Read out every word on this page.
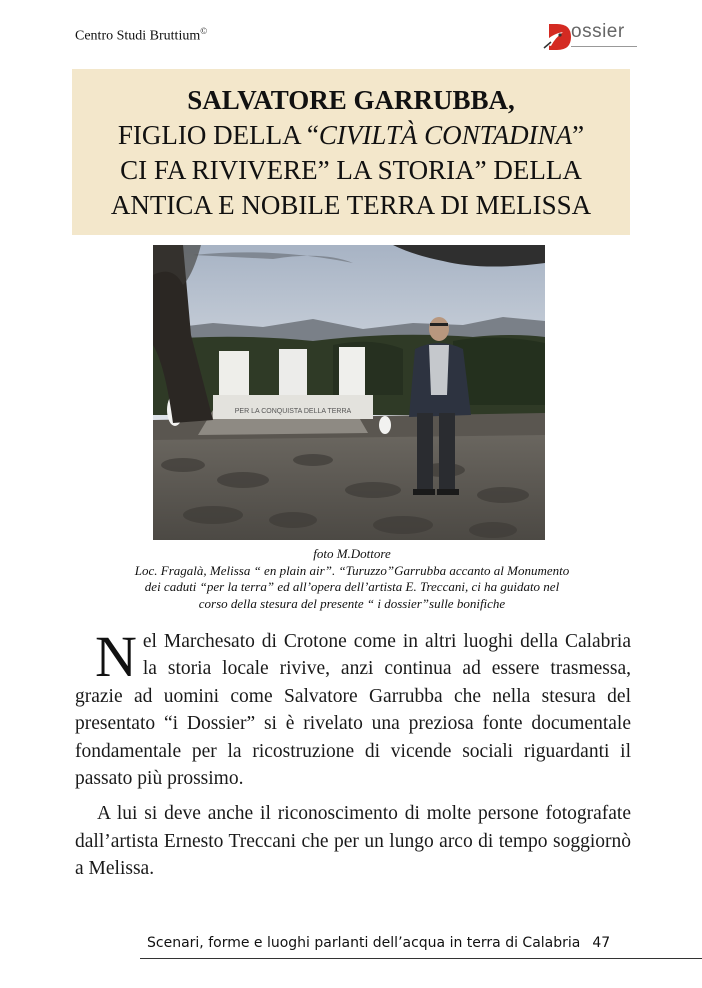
Centro Studi Bruttium©	ossier
SALVATORE GARRUBBA,
FIGLIO DELLA “CIVILTÀ CONTADINA”
CI FA RIVIVERE” LA STORIA” DELLA
ANTICA E NOBILE TERRA DI MELISSA
PER LA CONQUISTA DELLA TERRA
foto M.Dottore
Loc. Fragalà, Melissa “ en plain air”. “Turuzzo”Garrubba accanto al Monumento
dei caduti “per la terra” ed all’opera dell’artista E. Treccani, ci ha guidato nel
corso della stesura del presente “ i dossier”sulle bonifiche

Nel Marchesato di Crotone come in altri luoghi della Calabria la storia locale rivive, anzi continua ad essere trasmessa, grazie ad uomini come Salvatore Garrubba che nella stesura del presentato “i Dossier” si è rivelato una preziosa fonte documentale fondamentale per la ricostruzione di vicende sociali riguardanti il passato più prossimo.

A lui si deve anche il riconoscimento di molte persone fotografate dall’artista Ernesto Treccani che per un lungo arco di tempo soggiornò a Melissa.

Scenari, forme e luoghi parlanti dell’acqua in terra di Calabria 47
